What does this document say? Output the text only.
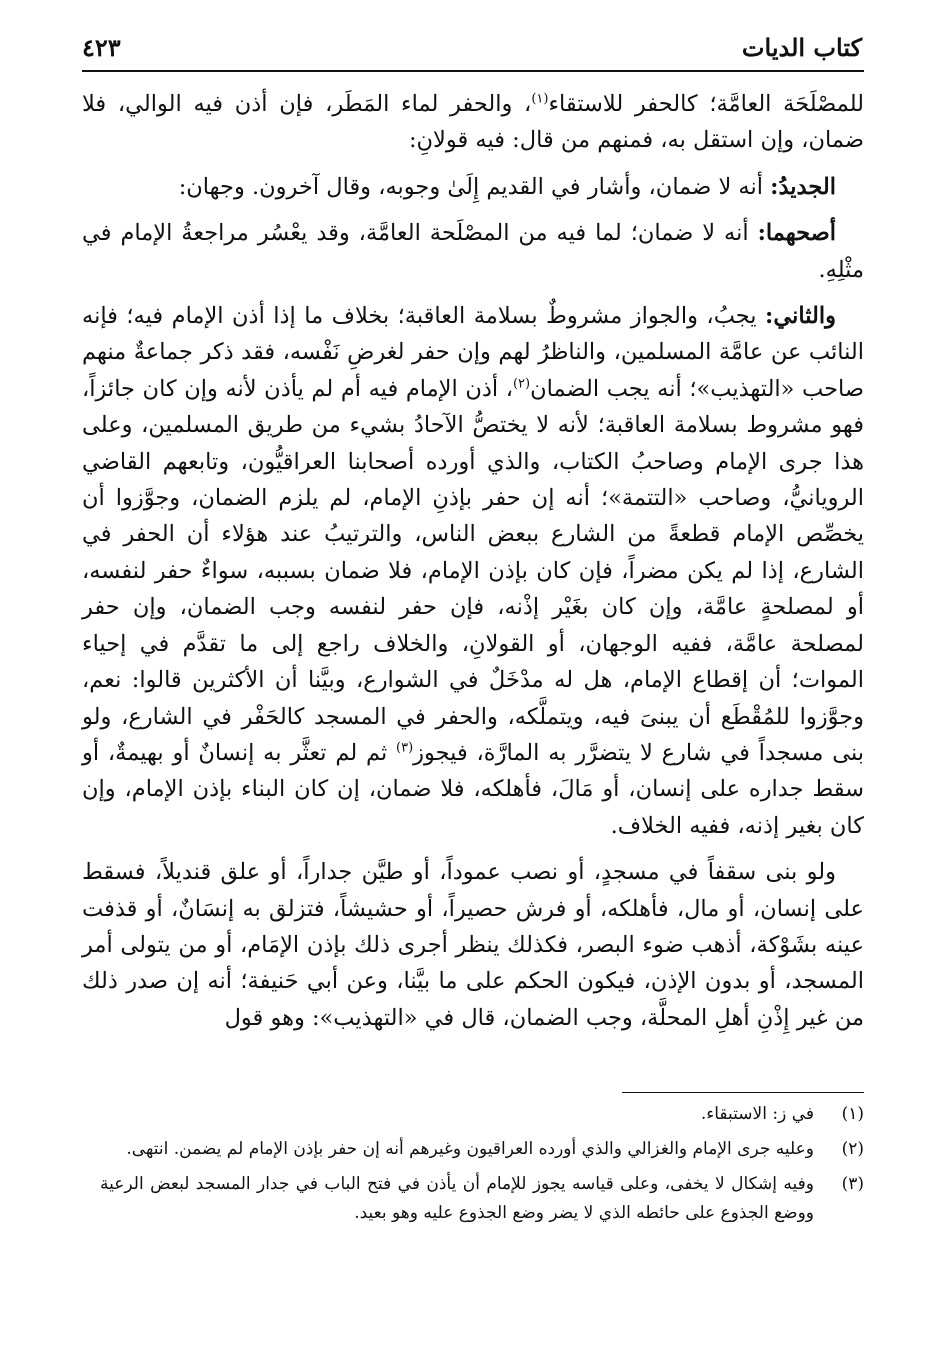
كتاب الديات
٤٢٣

للمصْلَحَة العامَّة؛ كالحفر للاستقاء$^{(١)}$، والحفر لماء المَطَر، فإن أذن فيه الوالي، فلا ضمان، وإن استقل به، فمنهم من قال: فيه قولانِ:

الجديدُ: أنه لا ضمان، وأشار في القديم إِلَىٰ وجوبه، وقال آخرون. وجهان:

أصحهما: أنه لا ضمان؛ لما فيه من المصْلَحة العامَّة، وقد يعْسُر مراجعةُ الإمام في مثْلِهِ.

والثاني: يجبُ، والجواز مشروطٌ بسلامة العاقبة؛ بخلاف ما إذا أذن الإمام فيه؛ فإنه النائب عن عامَّة المسلمين، والناظرُ لهم وإن حفر لغرضِ نَفْسه، فقد ذكر جماعةٌ منهم صاحب «التهذيب»؛ أنه يجب الضمان$^{(٢)}$، أذن الإمام فيه أم لم يأذن لأنه وإن كان جائزاً، فهو مشروط بسلامة العاقبة؛ لأنه لا يختصُّ الآحادُ بشيء من طريق المسلمين، وعلى هذا جرى الإمام وصاحبُ الكتاب، والذي أورده أصحابنا العراقيُّون، وتابعهم القاضي الرويانيُّ، وصاحب «التتمة»؛ أنه إن حفر بإذنِ الإمام، لم يلزم الضمان، وجوَّزوا أن يخصِّص الإمام قطعةً من الشارع ببعض الناس، والترتيبُ عند هؤلاء أن الحفر في الشارع، إذا لم يكن مضراً، فإن كان بإذن الإمام، فلا ضمان بسببه، سواءٌ حفر لنفسه، أو لمصلحةٍ عامَّة، وإن كان بغَيْر إذْنه، فإن حفر لنفسه وجب الضمان، وإن حفر لمصلحة عامَّة، ففيه الوجهان، أو القولانِ، والخلاف راجع إلى ما تقدَّم في إحياء الموات؛ أن إقطاع الإمام، هل له مدْخَلٌ في الشوارع، وبيَّنا أن الأكثرين قالوا: نعم، وجوَّزوا للمُقْطَع أن يبنىَ فيه، ويتملَّكه، والحفر في المسجد كالحَفْر في الشارع، ولو بنى مسجداً في شارع لا يتضرَّر به المارَّة، فيجوز$^{(٣)}$ ثم لم تعثَّر به إنسانٌ أو بهيمةٌ، أو سقط جداره على إنسان، أو مَالَ، فأهلكه، فلا ضمان، إن كان البناء بإذن الإمام، وإن كان بغير إذنه، ففيه الخلاف.

ولو بنى سقفاً في مسجدٍ، أو نصب عموداً، أو طيَّن جداراً، أو علق قنديلاً، فسقط على إنسان، أو مال، فأهلكه، أو فرش حصيراً، أو حشيشاً، فتزلق به إنسَانٌ، أو قذفت عينه بشَوْكة، أذهب ضوء البصر، فكذلك ينظر أجرى ذلك بإذن الإمَام، أو من يتولى أمر المسجد، أو بدون الإذن، فيكون الحكم على ما بيَّنا، وعن أبي حَنيفة؛ أنه إن صدر ذلك من غير إِذْنِ أهلِ المحلَّة، وجب الضمان، قال في «التهذيب»: وهو قول

(١)
في ز: الاستبقاء.
(٢)
وعليه جرى الإمام والغزالي والذي أورده العراقيون وغيرهم أنه إن حفر بإذن الإمام لم يضمن. انتهى.
(٣)
وفيه إشكال لا يخفى، وعلى قياسه يجوز للإمام أن يأذن في فتح الباب في جدار المسجد لبعض الرعية ووضع الجذوع على حائطه الذي لا يضر وضع الجذوع عليه وهو بعيد.
